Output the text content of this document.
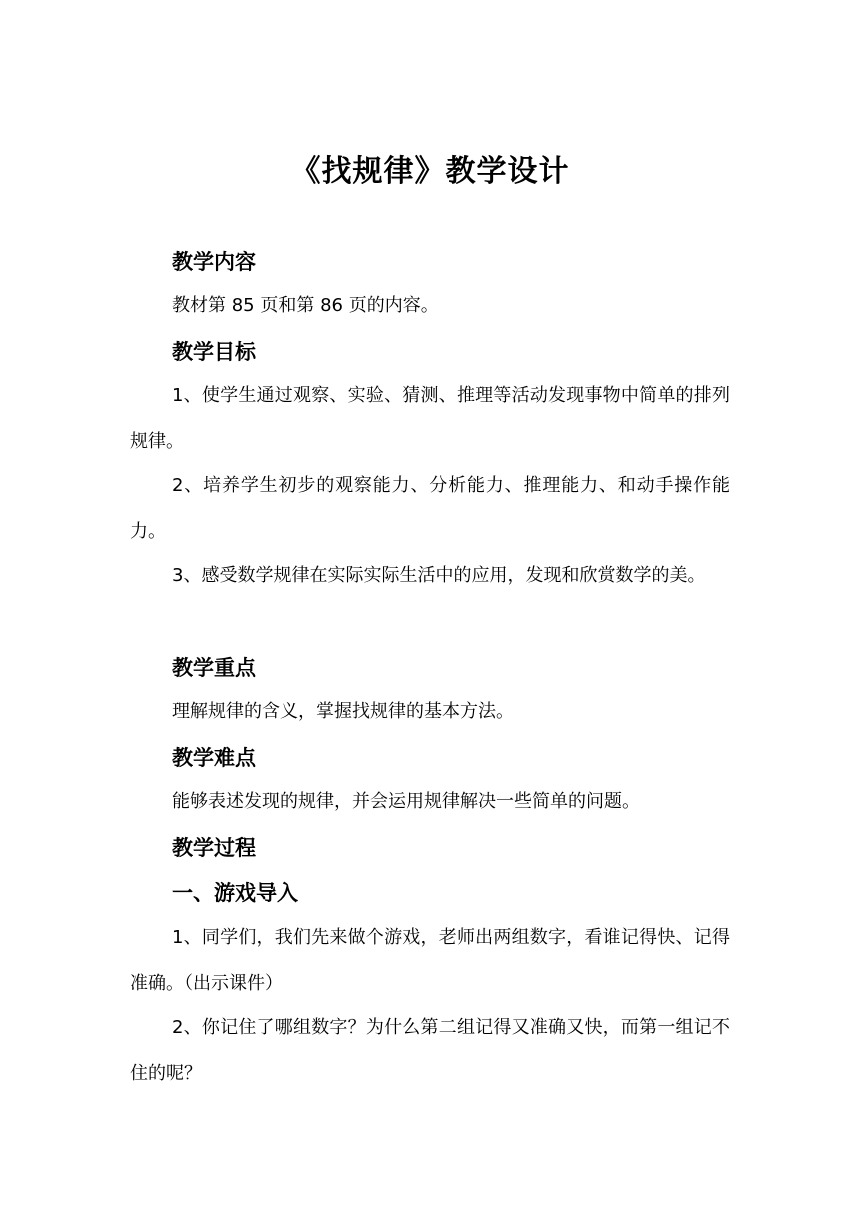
《找规律》教学设计
教学内容
教材第 85 页和第 86 页的内容。
教学目标
1、使学生通过观察、实验、猜测、推理等活动发现事物中简单的排列规律。
2、培养学生初步的观察能力、分析能力、推理能力、和动手操作能力。
3、感受数学规律在实际实际生活中的应用，发现和欣赏数学的美。
教学重点
理解规律的含义，掌握找规律的基本方法。
教学难点
能够表述发现的规律，并会运用规律解决一些简单的问题。
教学过程
一、游戏导入
1、同学们，我们先来做个游戏，老师出两组数字，看谁记得快、记得准确。（出示课件）
2、你记住了哪组数字？为什么第二组记得又准确又快，而第一组记不住的呢？
